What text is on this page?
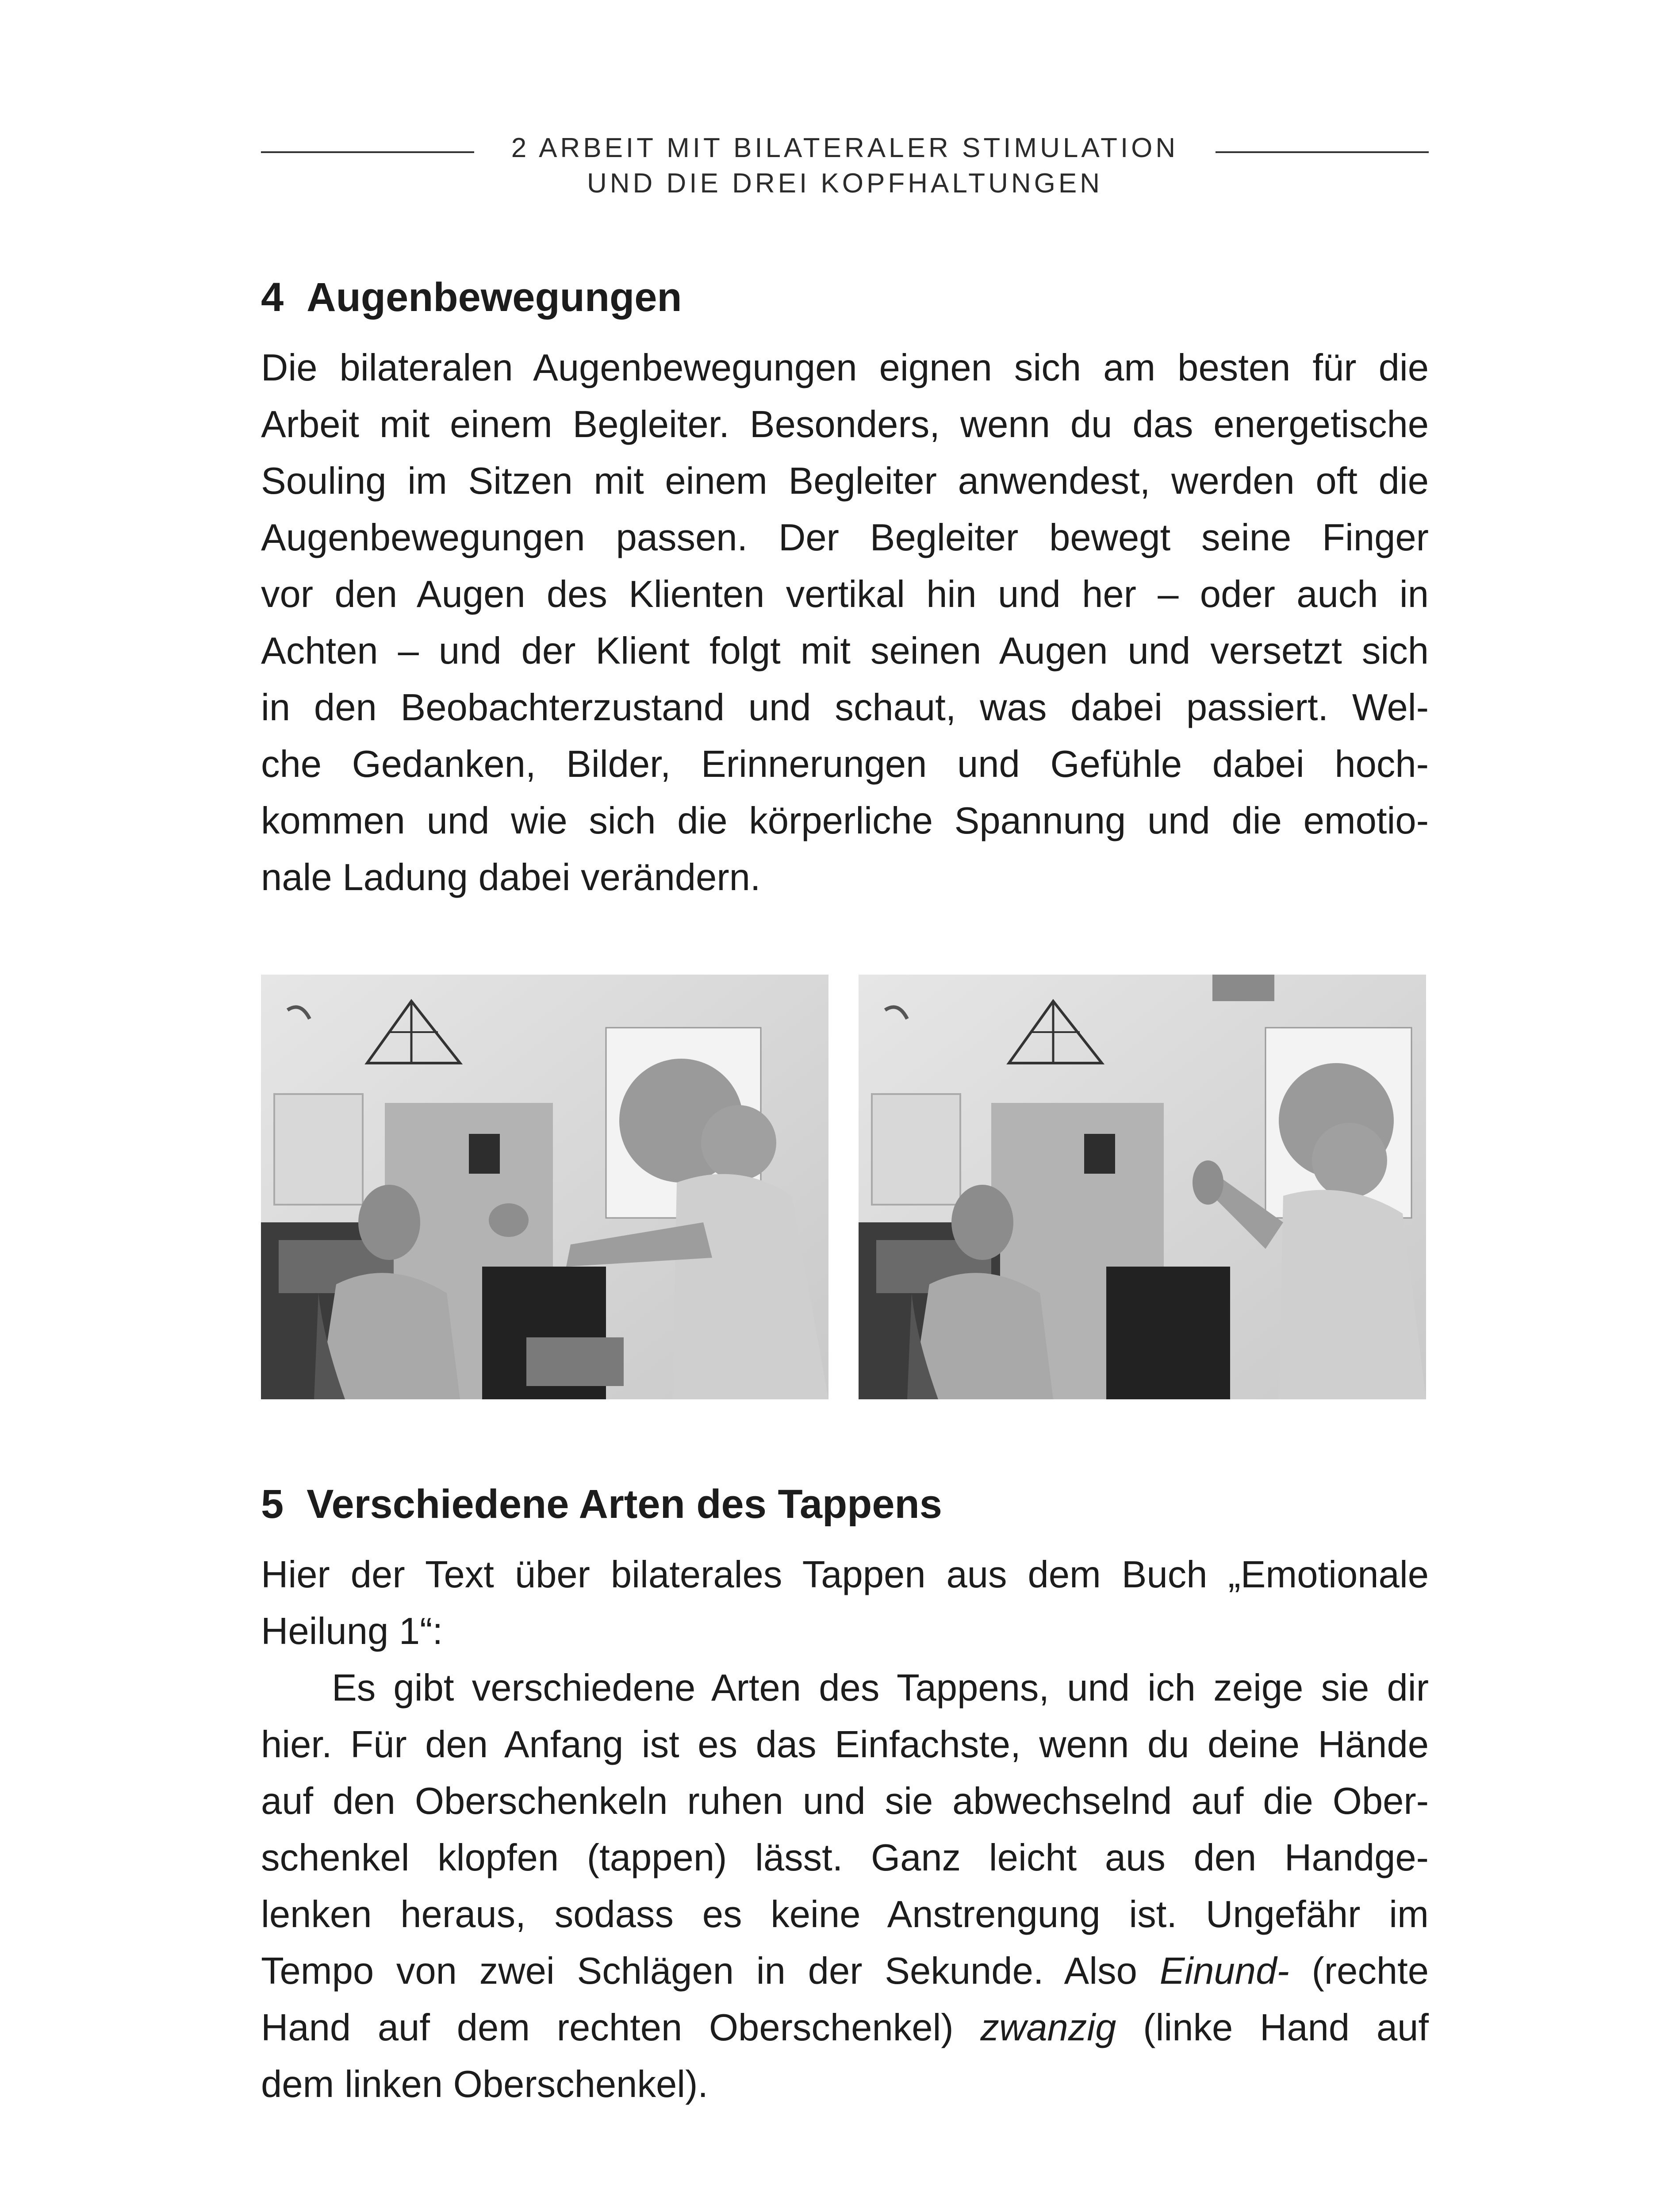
2 ARBEIT MIT BILATERALER STIMULATION
UND DIE DREI KOPFHALTUNGEN
4 Augenbewegungen
Die bilateralen Augenbewegungen eignen sich am besten für die
Arbeit mit einem Begleiter. Besonders, wenn du das energetische
Souling im Sitzen mit einem Begleiter anwendest, werden oft die
Augenbewegungen passen. Der Begleiter bewegt seine Finger
vor den Augen des Klienten vertikal hin und her – oder auch in
Achten – und der Klient folgt mit seinen Augen und versetzt sich
in den Beobachterzustand und schaut, was dabei passiert. Wel-
che Gedanken, Bilder, Erinnerungen und Gefühle dabei hoch-
kommen und wie sich die körperliche Spannung und die emotio-
nale Ladung dabei verändern.
5 Verschiedene Arten des Tappens
Hier der Text über bilaterales Tappen aus dem Buch „Emotionale
Heilung 1“:
Es gibt verschiedene Arten des Tappens, und ich zeige sie dir
hier. Für den Anfang ist es das Einfachste, wenn du deine Hände
auf den Oberschenkeln ruhen und sie abwechselnd auf die Ober-
schenkel klopfen (tappen) lässt. Ganz leicht aus den Handge-
lenken heraus, sodass es keine Anstrengung ist. Ungefähr im
Tempo von zwei Schlägen in der Sekunde. Also Einund- (rechte
Hand auf dem rechten Oberschenkel) zwanzig (linke Hand auf
dem linken Oberschenkel).
